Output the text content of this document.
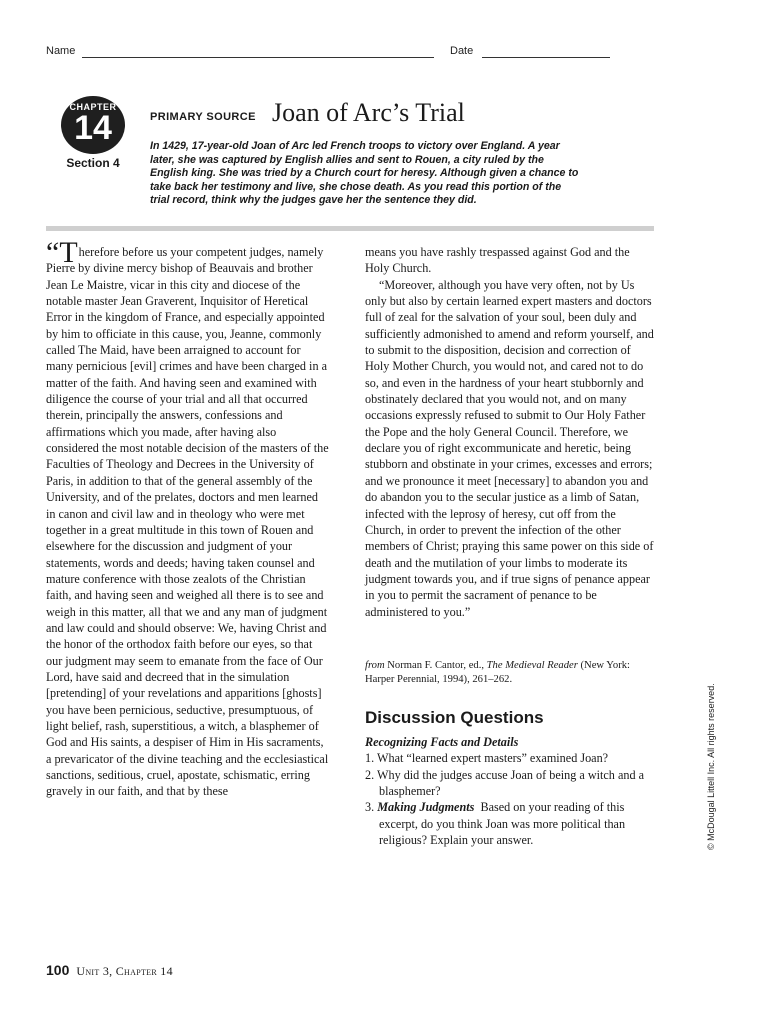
Name	Date
CHAPTER
14
Section 4
PRIMARY SOURCE Joan of Arc’s Trial
In 1429, 17-year-old Joan of Arc led French troops to victory over England. A year later, she was captured by English allies and sent to Rouen, a city ruled by the English king. She was tried by a Church court for heresy. Although given a chance to take back her testimony and live, she chose death. As you read this portion of the trial record, think why the judges gave her the sentence they did.

“Therefore before us your competent judges, namely Pierre by divine mercy bishop of Beauvais and brother Jean Le Maistre, vicar in this city and diocese of the notable master Jean Graverent, Inquisitor of Heretical Error in the kingdom of France, and especially appointed by him to officiate in this cause, you, Jeanne, commonly called The Maid, have been arraigned to account for many pernicious [evil] crimes and have been charged in a matter of the faith. And having seen and examined with diligence the course of your trial and all that occurred therein, principally the answers, confessions and affirmations which you made, after having also considered the most notable decision of the masters of the Faculties of Theology and Decrees in the University of Paris, in addition to that of the general assembly of the University, and of the prelates, doctors and men learned in canon and civil law and in theology who were met together in a great multitude in this town of Rouen and elsewhere for the discussion and judgment of your statements, words and deeds; having taken counsel and mature conference with those zealots of the Christian faith, and having seen and weighed all there is to see and weigh in this matter, all that we and any man of judgment and law could and should observe: We, having Christ and the honor of the orthodox faith before our eyes, so that our judgment may seem to emanate from the face of Our Lord, have said and decreed that in the simulation [pretending] of your revelations and apparitions [ghosts] you have been pernicious, seductive, presumptuous, of light belief, rash, superstitious, a witch, a blasphemer of God and His saints, a despiser of Him in His sacraments, a prevaricator of the divine teaching and the ecclesiastical sanctions, seditious, cruel, apostate, schismatic, erring gravely in our faith, and that by these

means you have rashly trespassed against God and the Holy Church.

“Moreover, although you have very often, not by Us only but also by certain learned expert masters and doctors full of zeal for the salvation of your soul, been duly and sufficiently admonished to amend and reform yourself, and to submit to the disposition, decision and correction of Holy Mother Church, you would not, and cared not to do so, and even in the hardness of your heart stubbornly and obstinately declared that you would not, and on many occasions expressly refused to submit to Our Holy Father the Pope and the holy General Council. Therefore, we declare you of right excommunicate and heretic, being stubborn and obstinate in your crimes, excesses and errors; and we pronounce it meet [necessary] to abandon you and do abandon you to the secular justice as a limb of Satan, infected with the leprosy of heresy, cut off from the Church, in order to prevent the infection of the other members of Christ; praying this same power on this side of death and the mutilation of your limbs to moderate its judgment towards you, and if true signs of penance appear in you to permit the sacrament of penance to be administered to you.”

from Norman F. Cantor, ed., The Medieval Reader (New York: Harper Perennial, 1994), 261–262.
Discussion Questions
Recognizing Facts and Details
1. What “learned expert masters” examined Joan?
2. Why did the judges accuse Joan of being a witch and a blasphemer?
3. Making Judgments Based on your reading of this excerpt, do you think Joan was more political than religious? Explain your answer.	© McDougal Littell Inc. All rights reserved.
100 Unit 3, Chapter 14
